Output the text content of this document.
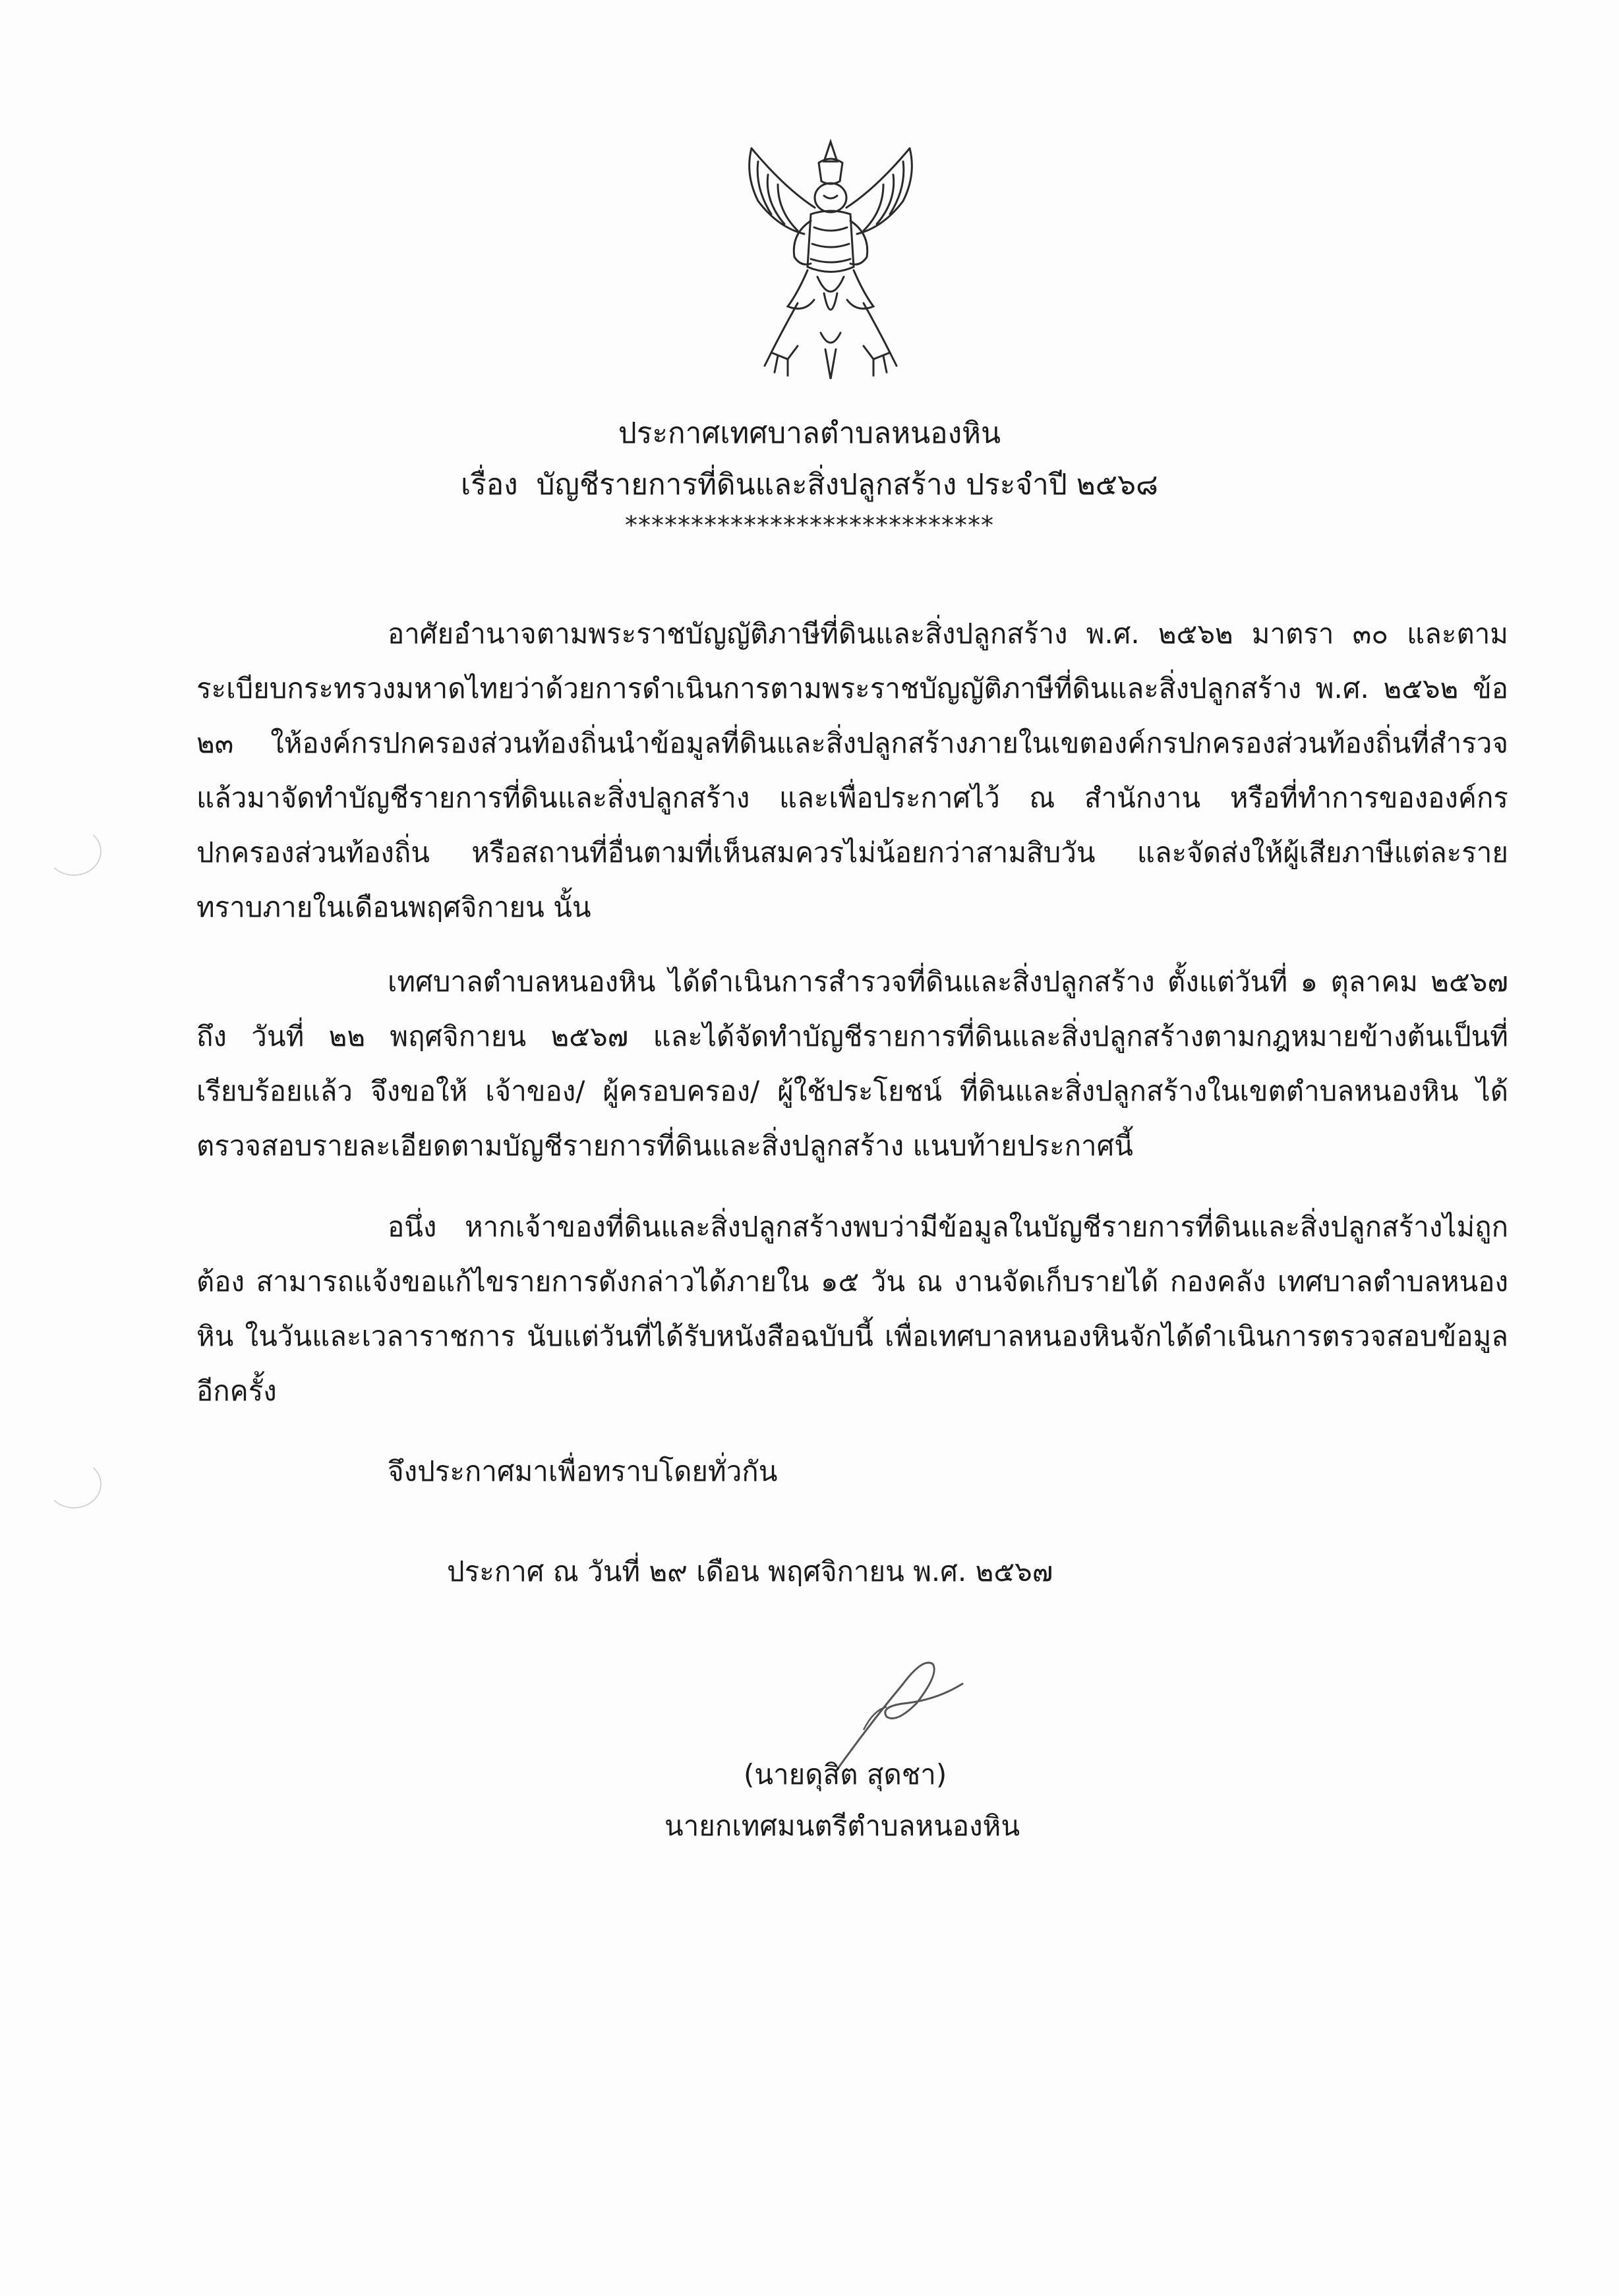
ประกาศเทศบาลตำบลหนองหิน
เรื่อง บัญชีรายการที่ดินและสิ่งปลูกสร้าง ประจำปี ๒๕๖๘
****************************
อาศัยอำนาจตามพระราชบัญญัติภาษีที่ดินและสิ่งปลูกสร้าง พ.ศ. ๒๕๖๒ มาตรา ๓๐ และตามระเบียบกระทรวงมหาดไทยว่าด้วยการดำเนินการตามพระราชบัญญัติภาษีที่ดินและสิ่งปลูกสร้าง พ.ศ. ๒๕๖๒ ข้อ ๒๓ ให้องค์กรปกครองส่วนท้องถิ่นนำข้อมูลที่ดินและสิ่งปลูกสร้างภายในเขตองค์กรปกครองส่วนท้องถิ่นที่สำรวจแล้วมาจัดทำบัญชีรายการที่ดินและสิ่งปลูกสร้าง และเพื่อประกาศไว้ ณ สำนักงาน หรือที่ทำการขององค์กรปกครองส่วนท้องถิ่น หรือสถานที่อื่นตามที่เห็นสมควรไม่น้อยกว่าสามสิบวัน และจัดส่งให้ผู้เสียภาษีแต่ละรายทราบภายในเดือนพฤศจิกายน นั้น
เทศบาลตำบลหนองหิน ได้ดำเนินการสำรวจที่ดินและสิ่งปลูกสร้าง ตั้งแต่วันที่ ๑ ตุลาคม ๒๕๖๗ ถึง วันที่ ๒๒ พฤศจิกายน ๒๕๖๗ และได้จัดทำบัญชีรายการที่ดินและสิ่งปลูกสร้างตามกฎหมายข้างต้นเป็นที่เรียบร้อยแล้ว จึงขอให้ เจ้าของ/ ผู้ครอบครอง/ ผู้ใช้ประโยชน์ ที่ดินและสิ่งปลูกสร้างในเขตตำบลหนองหิน ได้ตรวจสอบรายละเอียดตามบัญชีรายการที่ดินและสิ่งปลูกสร้าง แนบท้ายประกาศนี้
อนึ่ง หากเจ้าของที่ดินและสิ่งปลูกสร้างพบว่ามีข้อมูลในบัญชีรายการที่ดินและสิ่งปลูกสร้างไม่ถูกต้อง สามารถแจ้งขอแก้ไขรายการดังกล่าวได้ภายใน ๑๕ วัน ณ งานจัดเก็บรายได้ กองคลัง เทศบาลตำบลหนองหิน ในวันและเวลาราชการ นับแต่วันที่ได้รับหนังสือฉบับนี้ เพื่อเทศบาลหนองหินจักได้ดำเนินการตรวจสอบข้อมูลอีกครั้ง
จึงประกาศมาเพื่อทราบโดยทั่วกัน
ประกาศ ณ วันที่ ๒๙ เดือน พฤศจิกายน พ.ศ. ๒๕๖๗
(นายดุสิต สุดชา)
นายกเทศมนตรีตำบลหนองหิน
